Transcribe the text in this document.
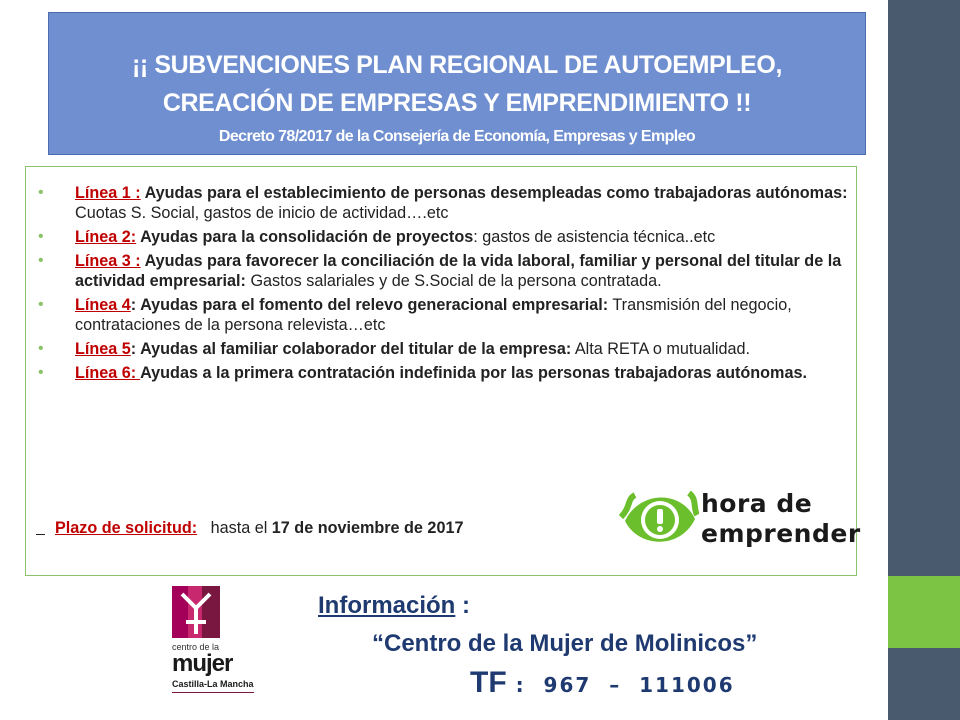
¡¡ SUBVENCIONES PLAN REGIONAL DE AUTOEMPLEO,
CREACIÓN DE EMPRESAS Y EMPRENDIMIENTO !!
Decreto 78/2017 de la Consejería de Economía, Empresas y Empleo
• Línea 1 : Ayudas para el establecimiento de personas desempleadas como trabajadoras autónomas: Cuotas S. Social, gastos de inicio de actividad….etc
• Línea 2: Ayudas para la consolidación de proyectos: gastos de asistencia técnica..etc
• Línea 3 : Ayudas para favorecer la conciliación de la vida laboral, familiar y personal del titular de la actividad empresarial: Gastos salariales y de S.Social de la persona contratada.
• Línea 4: Ayudas para el fomento del relevo generacional empresarial: Transmisión del negocio, contrataciones de la persona relevista…etc
• Línea 5: Ayudas al familiar colaborador del titular de la empresa: Alta RETA o mutualidad.
• Línea 6: Ayudas a la primera contratación indefinida por las personas trabajadoras autónomas.
Plazo de solicitud:   hasta el 17 de noviembre de 2017
hora de
emprender
centro de la
mujer
Castilla-La Mancha
Información :
“Centro de la Mujer de Molinicos”
TF :  967  –  111006
